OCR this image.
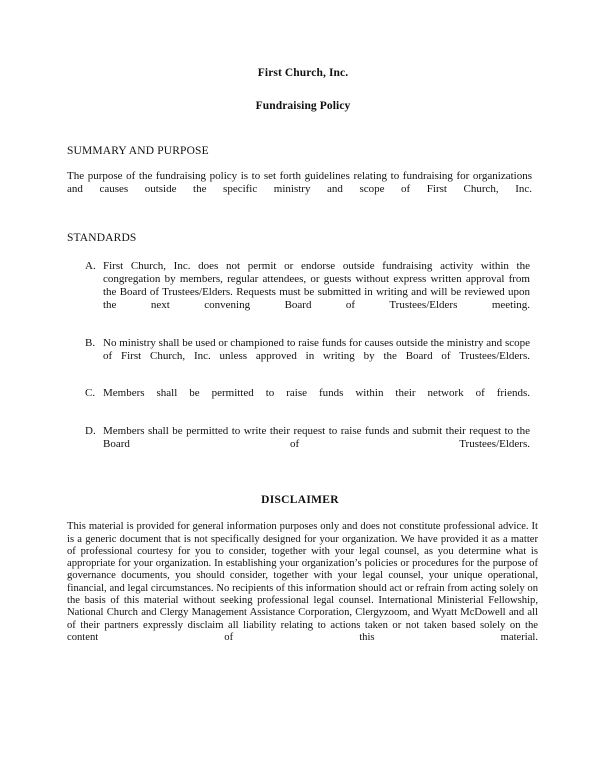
First Church, Inc.
Fundraising Policy
SUMMARY AND PURPOSE

The purpose of the fundraising policy is to set forth guidelines relating to fundraising for organizations and causes outside the specific ministry and scope of First Church, Inc.

STANDARDS
A. First Church, Inc. does not permit or endorse outside fundraising activity within the congregation by members, regular attendees, or guests without express written approval from the Board of Trustees/Elders. Requests must be submitted in writing and will be reviewed upon the next convening Board of Trustees/Elders meeting.
B. No ministry shall be used or championed to raise funds for causes outside the ministry and scope of First Church, Inc. unless approved in writing by the Board of Trustees/Elders.
C. Members shall be permitted to raise funds within their network of friends.
D. Members shall be permitted to write their request to raise funds and submit their request to the Board of Trustees/Elders.
DISCLAIMER

This material is provided for general information purposes only and does not constitute professional advice. It is a generic document that is not specifically designed for your organization. We have provided it as a matter of professional courtesy for you to consider, together with your legal counsel, as you determine what is appropriate for your organization. In establishing your organization’s policies or procedures for the purpose of governance documents, you should consider, together with your legal counsel, your unique operational, financial, and legal circumstances. No recipients of this information should act or refrain from acting solely on the basis of this material without seeking professional legal counsel. International Ministerial Fellowship, National Church and Clergy Management Assistance Corporation, Clergyzoom, and Wyatt McDowell and all of their partners expressly disclaim all liability relating to actions taken or not taken based solely on the content of this material.
